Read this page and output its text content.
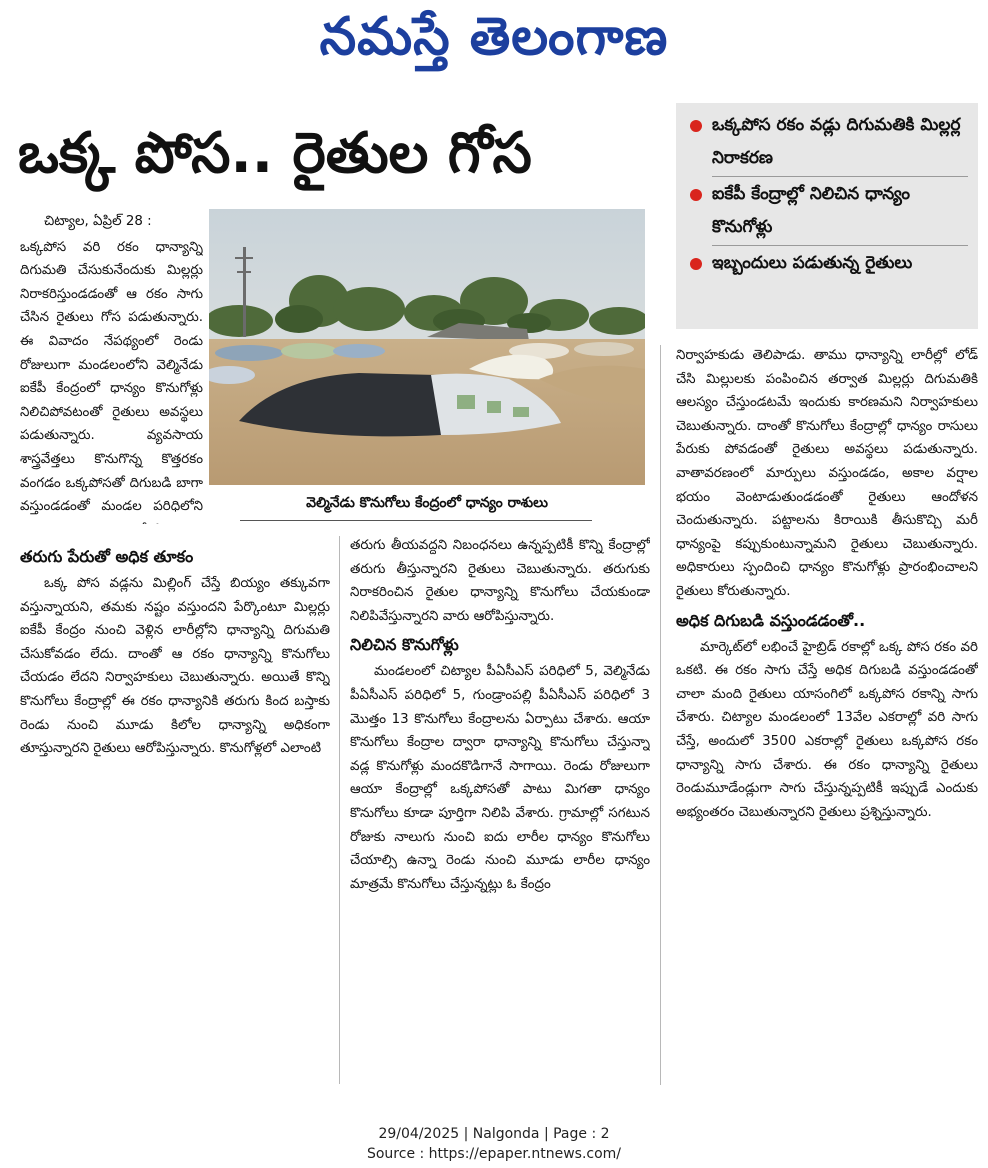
నమస్తే తెలంగాణ
ఒక్క పోస.. రైతుల గోస	ఒక్కపోస రకం వడ్లు దిగుమతికి మిల్లర్ల నిరాకరణ
ఐకేపీ కేంద్రాల్లో నిలిచిన ధాన్యం కొనుగోళ్లు
ఇబ్బందులు పడుతున్న రైతులు
వెల్మినేడు కొనుగోలు కేంద్రంలో ధాన్యం రాశులు

చిట్యాల, ఏప్రిల్ 28 :

ఒక్కపోస వరి రకం ధాన్యాన్ని దిగుమతి చేసుకునేందుకు మిల్లర్లు నిరాకరిస్తుండడంతో ఆ రకం సాగు చేసిన రైతులు గోస పడుతున్నారు. ఈ వివాదం నేపథ్యంలో రెండు రోజులుగా మండలంలోని వెల్మినేడు ఐకేపీ కేంద్రంలో ధాన్యం కొనుగోళ్లు నిలిచిపోవటంతో రైతులు అవస్థలు పడుతున్నారు. వ్యవసాయ శాస్త్రవేత్తలు కొనుగొన్న కొత్తరకం వంగడం ఒక్కపోసతో దిగుబడి బాగా వస్తుండడంతో మండల పరిధిలోని

తరుగు పేరుతో అధిక తూకం

ఒక్క పోస వడ్లను మిల్లింగ్ చేస్తే బియ్యం తక్కువగా వస్తున్నాయని, తమకు నష్టం వస్తుందని పేర్కొంటూ మిల్లర్లు ఐకేపీ కేంద్రం నుంచి వెళ్లిన లారీల్లోని ధాన్యాన్ని దిగుమతి చేసుకోవడం లేదు. దాంతో ఆ రకం ధాన్యాన్ని కొనుగోలు చేయడం లేదని నిర్వాహకులు చెబుతున్నారు. అయితే కొన్ని కొనుగోలు కేంద్రాల్లో ఈ రకం ధాన్యానికి తరుగు కింద బస్తాకు రెండు నుంచి మూడు కిలోల ధాన్యాన్ని అధికంగా తూస్తున్నారని రైతులు ఆరోపిస్తున్నారు. కొనుగోళ్లలో ఎలాంటి

తరుగు తీయవద్దని నిబంధనలు ఉన్నప్పటికీ కొన్ని కేంద్రాల్లో తరుగు తీస్తున్నారని రైతులు చెబుతున్నారు. తరుగుకు నిరాకరించిన రైతుల ధాన్యాన్ని కొనుగోలు చేయకుండా నిలిపివేస్తున్నారని వారు ఆరోపిస్తున్నారు.

నిలిచిన కొనుగోళ్లు

మండలంలో చిట్యాల పీఏసీఎస్ పరిధిలో 5, వెల్మినేడు పీఏసీఎస్ పరిధిలో 5, గుండ్రాంపల్లి పీఏసీఎస్ పరిధిలో 3 మొత్తం 13 కొనుగోలు కేంద్రాలను ఏర్పాటు చేశారు. ఆయా కొనుగోలు కేంద్రాల ద్వారా ధాన్యాన్ని కొనుగోలు చేస్తున్నా వడ్ల కొనుగోళ్లు మందకొడిగానే సాగాయి. రెండు రోజులుగా ఆయా కేంద్రాల్లో ఒక్కపోసతో పాటు మిగతా ధాన్యం కొనుగోలు కూడా పూర్తిగా నిలిపి వేశారు. గ్రామాల్లో సగటున రోజుకు నాలుగు నుంచి ఐదు లారీల ధాన్యం కొనుగోలు చేయాల్సి ఉన్నా రెండు నుంచి మూడు లారీల ధాన్యం మాత్రమే కొనుగోలు చేస్తున్నట్లు ఓ కేంద్రం

నిర్వాహకుడు తెలిపాడు. తాము ధాన్యాన్ని లారీల్లో లోడ్ చేసి మిల్లులకు పంపించిన తర్వాత మిల్లర్లు దిగుమతికి ఆలస్యం చేస్తుండటమే ఇందుకు కారణమని నిర్వాహకులు చెబుతున్నారు. దాంతో కొనుగోలు కేంద్రాల్లో ధాన్యం రాసులు పేరుకు పోవడంతో రైతులు అవస్థలు పడుతున్నారు. వాతావరణంలో మార్పులు వస్తుండడం, అకాల వర్షాల భయం వెంటాడుతుండడంతో రైతులు ఆందోళన చెందుతున్నారు. పట్టాలను కిరాయికి తీసుకొచ్చి మరీ ధాన్యంపై కప్పుకుంటున్నామని రైతులు చెబుతున్నారు. అధికారులు స్పందించి ధాన్యం కొనుగోళ్లు ప్రారంభించాలని రైతులు కోరుతున్నారు.

అధిక దిగుబడి వస్తుండడంతో..

మార్కెట్‌లో లభించే హైబ్రిడ్ రకాల్లో ఒక్క పోస రకం వరి ఒకటి. ఈ రకం సాగు చేస్తే అధిక దిగుబడి వస్తుండడంతో చాలా మంది రైతులు యాసంగిలో ఒక్కపోస రకాన్ని సాగు చేశారు. చిట్యాల మండలంలో 13వేల ఎకరాల్లో వరి సాగు చేస్తే, అందులో 3500 ఎకరాల్లో రైతులు ఒక్కపోస రకం ధాన్యాన్ని సాగు చేశారు. ఈ రకం ధాన్యాన్ని రైతులు రెండుమూడేండ్లుగా సాగు చేస్తున్నప్పటికీ ఇప్పుడే ఎందుకు అభ్యంతరం చెబుతున్నారని రైతులు ప్రశ్నిస్తున్నారు.

29/04/2025 | Nalgonda | Page : 2
Source : https://epaper.ntnews.com/
